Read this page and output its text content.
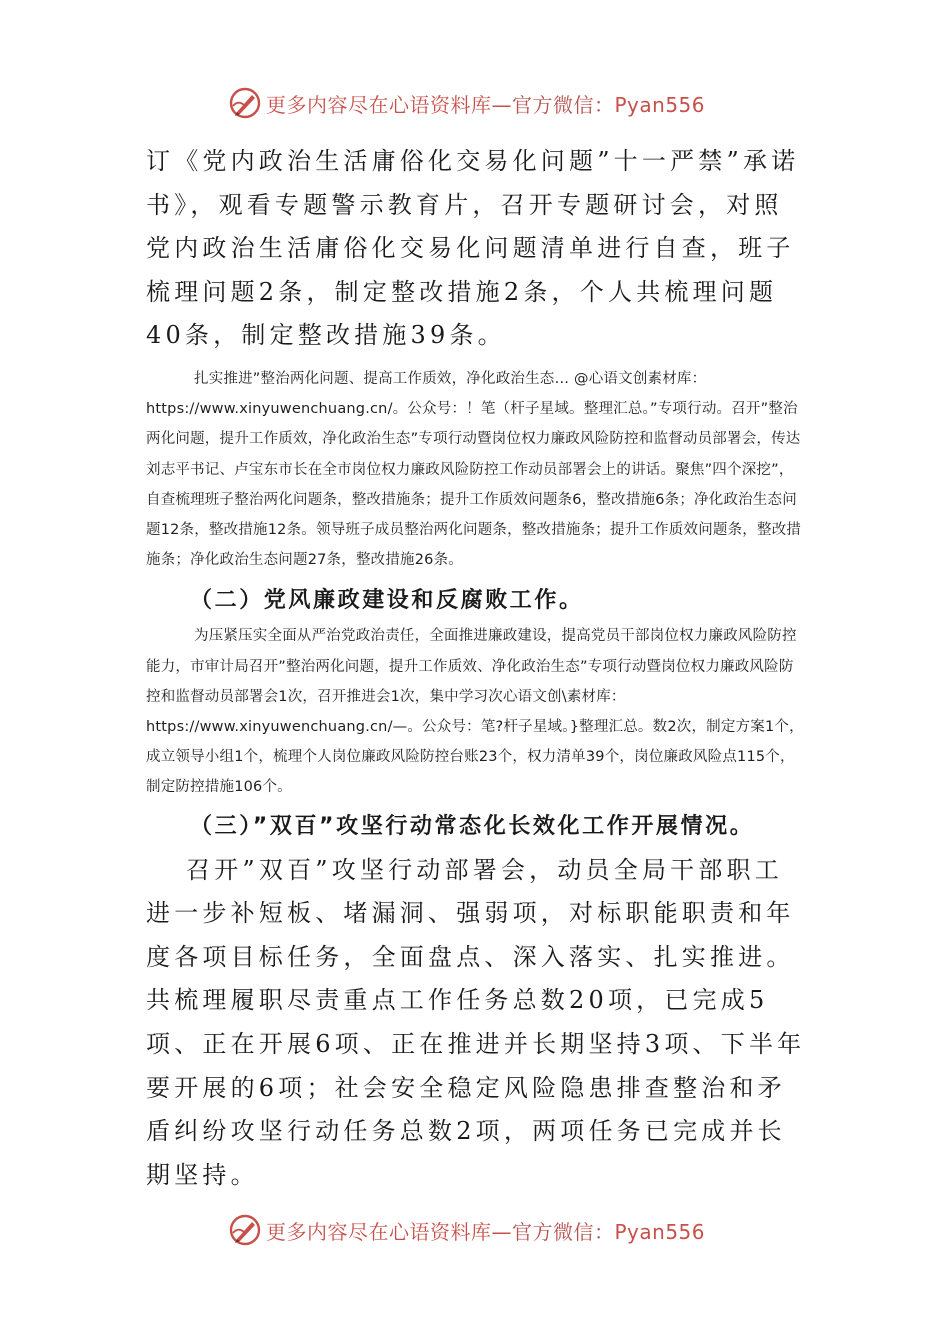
更多内容尽在心语资料库—官方微信：Pyan556

订《党内政治生活庸俗化交易化问题”十一严禁”承诺书》，观看专题警示教育片，召开专题研讨会，对照党内政治生活庸俗化交易化问题清单进行自查，班子梳理问题2条，制定整改措施2条，个人共梳理问题40条，制定整改措施39条。

扎实推进”整治两化问题、提高工作质效，净化政治生态… @心语文创素材库：https://www.xinyuwenchuang.cn/。公众号：！笔（杆子星域。整理汇总。”专项行动。召开”整治两化问题，提升工作质效，净化政治生态”专项行动暨岗位权力廉政风险防控和监督动员部署会，传达刘志平书记、卢宝东市长在全市岗位权力廉政风险防控工作动员部署会上的讲话。聚焦”四个深挖”，自查梳理班子整治两化问题条，整改措施条；提升工作质效问题条6，整改措施6条；净化政治生态问题12条，整改措施12条。领导班子成员整治两化问题条，整改措施条；提升工作质效问题条，整改措施条；净化政治生态问题27条，整改措施26条。

（二）党风廉政建设和反腐败工作。

为压紧压实全面从严治党政治责任，全面推进廉政建设，提高党员干部岗位权力廉政风险防控能力，市审计局召开”整治两化问题，提升工作质效、净化政治生态”专项行动暨岗位权力廉政风险防控和监督动员部署会1次，召开推进会1次，集中学习次心语文创\素材库：https://www.xinyuwenchuang.cn/—。公众号：笔?杆子星域。}整理汇总。数2次，制定方案1个，成立领导小组1个，梳理个人岗位廉政风险防控台账23个，权力清单39个，岗位廉政风险点115个，制定防控措施106个。

（三）”双百”攻坚行动常态化长效化工作开展情况。

召开”双百”攻坚行动部署会，动员全局干部职工进一步补短板、堵漏洞、强弱项，对标职能职责和年度各项目标任务，全面盘点、深入落实、扎实推进。共梳理履职尽责重点工作任务总数20项，已完成5项、正在开展6项、正在推进并长期坚持3项、下半年要开展的6项；社会安全稳定风险隐患排查整治和矛盾纠纷攻坚行动任务总数2项，两项任务已完成并长期坚持。

更多内容尽在心语资料库—官方微信：Pyan556
